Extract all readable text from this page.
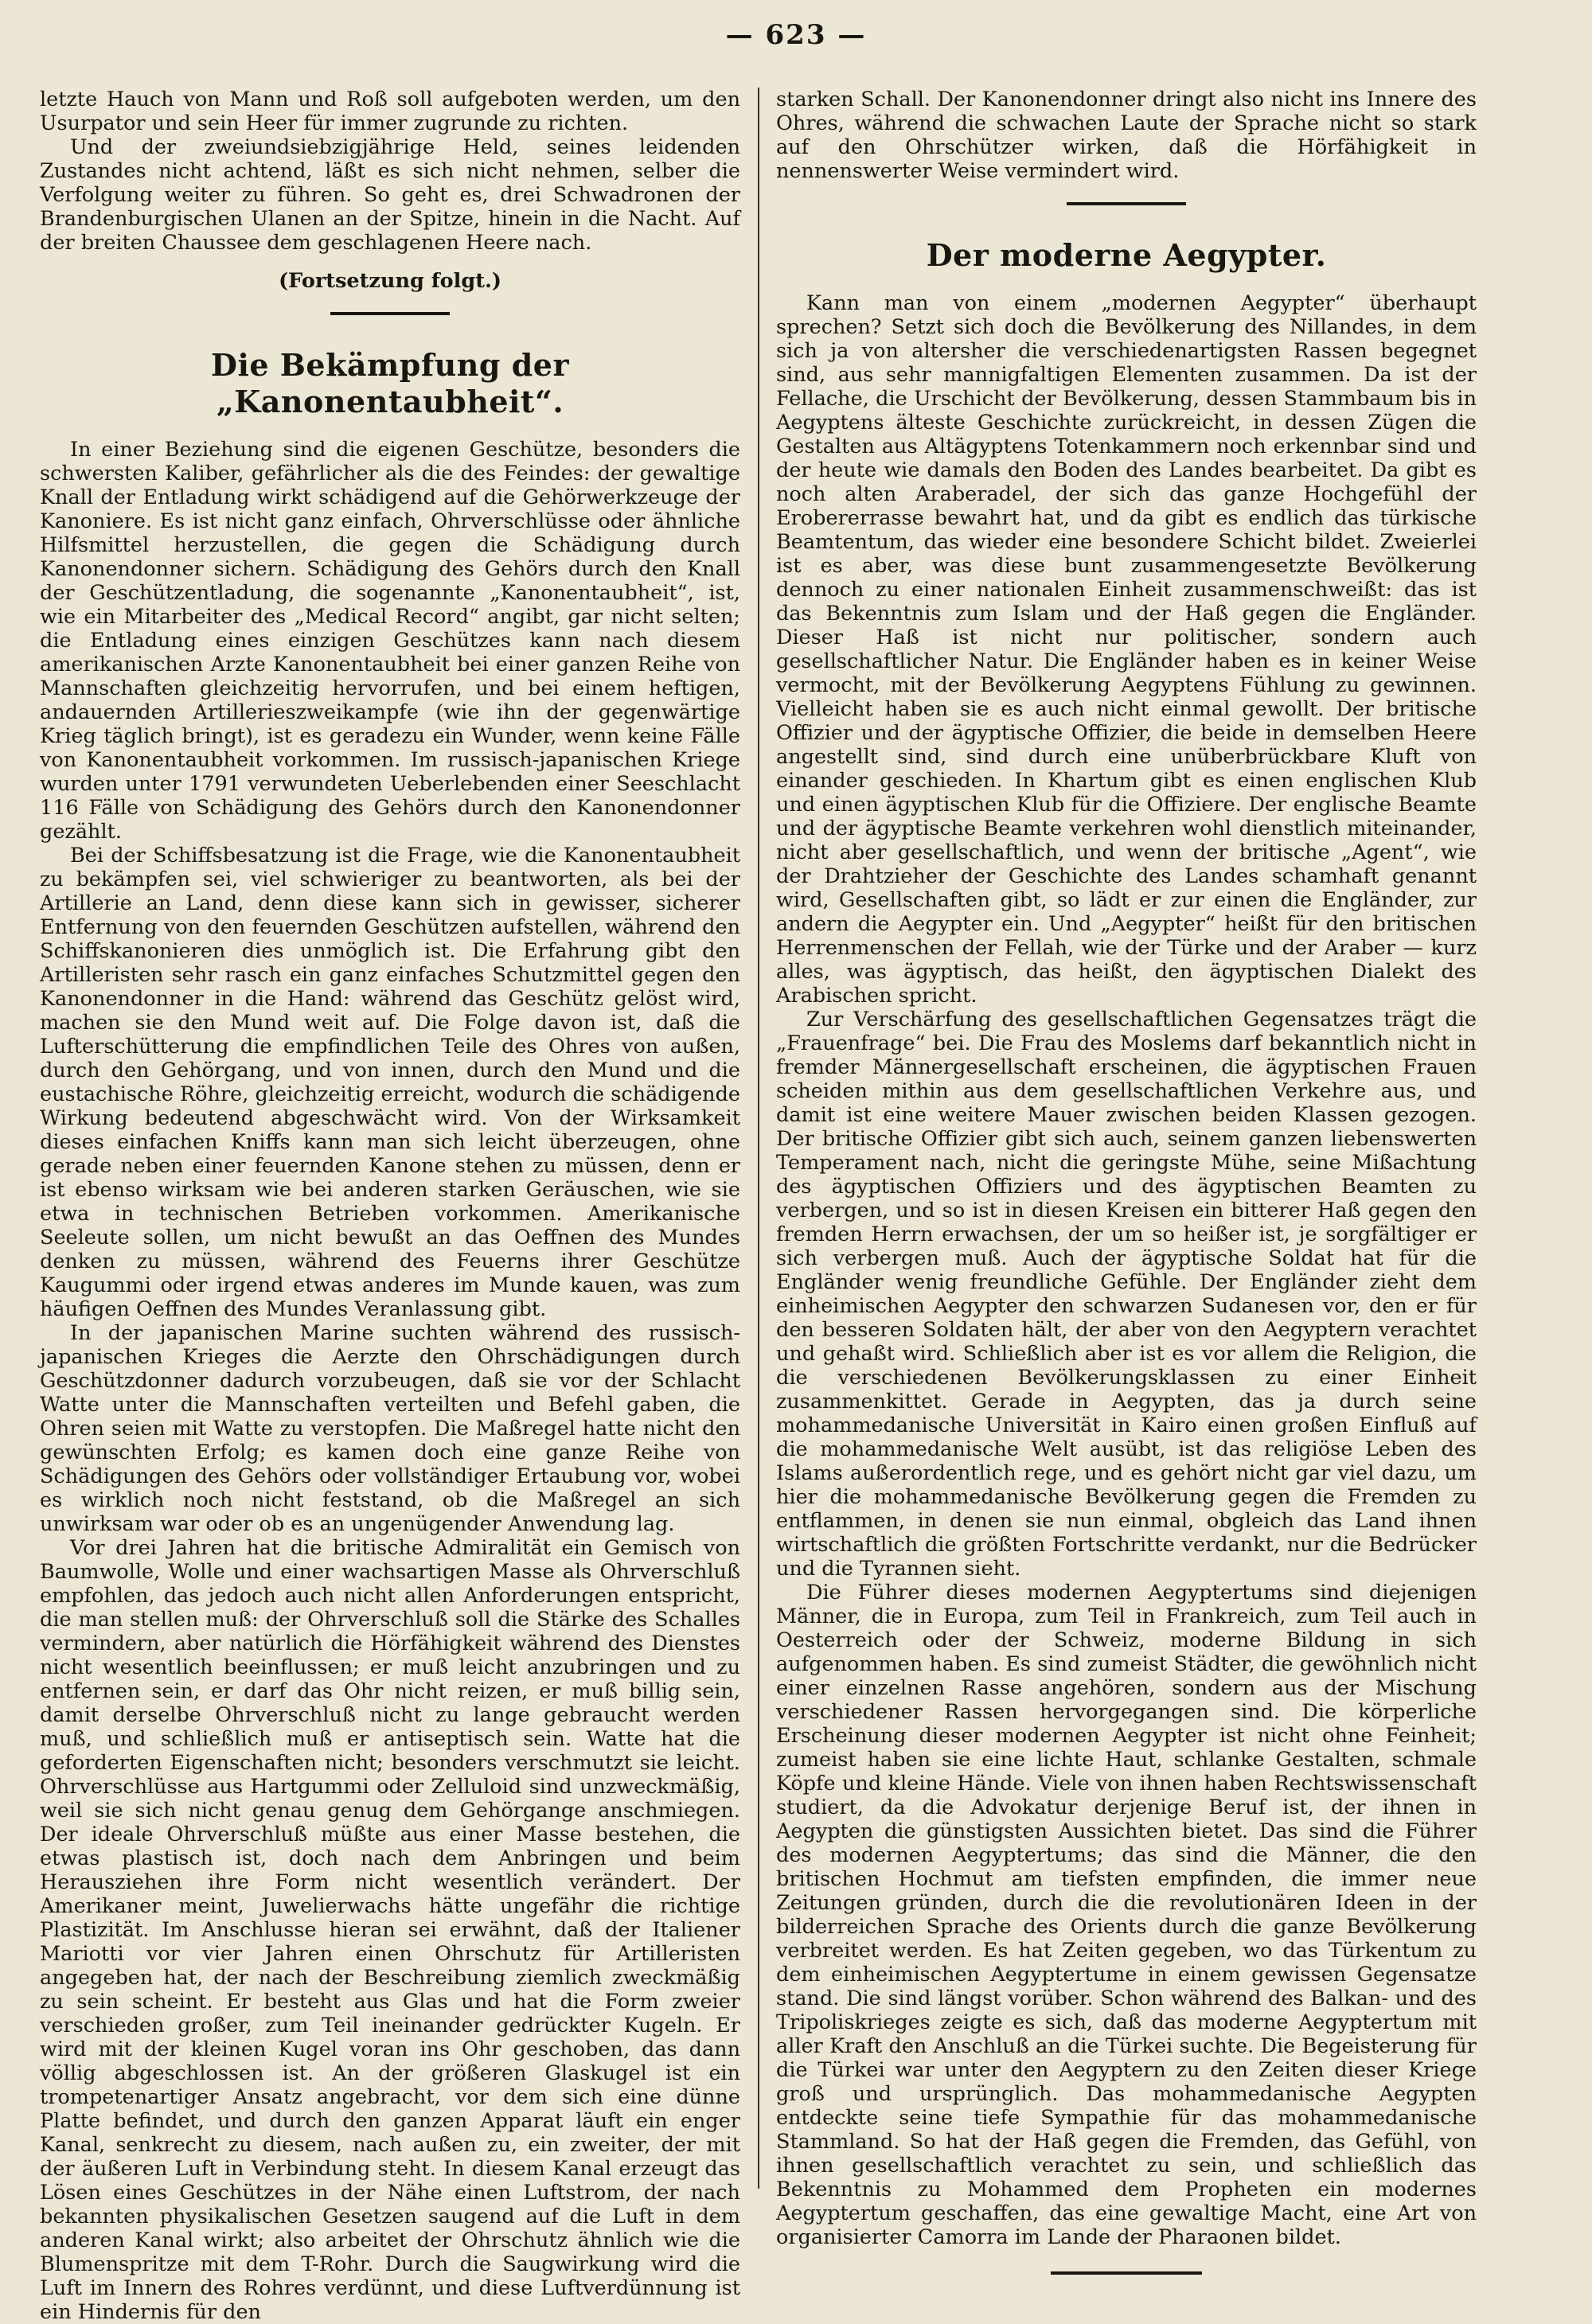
— 623 —

letzte Hauch von Mann und Roß soll aufgeboten werden, um den Usurpator und sein Heer für immer zugrunde zu richten.

Und der zweiundsiebzigjährige Held, seines leidenden Zustandes nicht achtend, läßt es sich nicht nehmen, selber die Verfolgung weiter zu führen. So geht es, drei Schwadronen der Brandenburgischen Ulanen an der Spitze, hinein in die Nacht. Auf der breiten Chaussee dem geschlagenen Heere nach.

(Fortsetzung folgt.)
Die Bekämpfung der „Kanonentaubheit“.

In einer Beziehung sind die eigenen Geschütze, besonders die schwersten Kaliber, gefährlicher als die des Feindes: der gewaltige Knall der Entladung wirkt schädigend auf die Gehörwerkzeuge der Kanoniere. Es ist nicht ganz einfach, Ohrverschlüsse oder ähnliche Hilfsmittel herzustellen, die gegen die Schädigung durch Kanonendonner sichern. Schädigung des Gehörs durch den Knall der Geschützentladung, die sogenannte „Kanonentaubheit“, ist, wie ein Mitarbeiter des „Medical Record“ angibt, gar nicht selten; die Entladung eines einzigen Geschützes kann nach diesem amerikanischen Arzte Kanonentaubheit bei einer ganzen Reihe von Mannschaften gleichzeitig hervorrufen, und bei einem heftigen, andauernden Artillerieszweikampfe (wie ihn der gegenwärtige Krieg täglich bringt), ist es geradezu ein Wunder, wenn keine Fälle von Kanonentaubheit vorkommen. Im russisch-japanischen Kriege wurden unter 1791 verwundeten Ueberlebenden einer Seeschlacht 116 Fälle von Schädigung des Gehörs durch den Kanonendonner gezählt.

Bei der Schiffsbesatzung ist die Frage, wie die Kanonentaubheit zu bekämpfen sei, viel schwieriger zu beantworten, als bei der Artillerie an Land, denn diese kann sich in gewisser, sicherer Entfernung von den feuernden Geschützen aufstellen, während den Schiffskanonieren dies unmöglich ist. Die Erfahrung gibt den Artilleristen sehr rasch ein ganz einfaches Schutzmittel gegen den Kanonendonner in die Hand: während das Geschütz gelöst wird, machen sie den Mund weit auf. Die Folge davon ist, daß die Lufterschütterung die empfindlichen Teile des Ohres von außen, durch den Gehörgang, und von innen, durch den Mund und die eustachische Röhre, gleichzeitig erreicht, wodurch die schädigende Wirkung bedeutend abgeschwächt wird. Von der Wirksamkeit dieses einfachen Kniffs kann man sich leicht überzeugen, ohne gerade neben einer feuernden Kanone stehen zu müssen, denn er ist ebenso wirksam wie bei anderen starken Geräuschen, wie sie etwa in technischen Betrieben vorkommen. Amerikanische Seeleute sollen, um nicht bewußt an das Oeffnen des Mundes denken zu müssen, während des Feuerns ihrer Geschütze Kaugummi oder irgend etwas anderes im Munde kauen, was zum häufigen Oeffnen des Mundes Veranlassung gibt.

In der japanischen Marine suchten während des russisch-japanischen Krieges die Aerzte den Ohrschädigungen durch Geschützdonner dadurch vorzubeugen, daß sie vor der Schlacht Watte unter die Mannschaften verteilten und Befehl gaben, die Ohren seien mit Watte zu verstopfen. Die Maßregel hatte nicht den gewünschten Erfolg; es kamen doch eine ganze Reihe von Schädigungen des Gehörs oder vollständiger Ertaubung vor, wobei es wirklich noch nicht feststand, ob die Maßregel an sich unwirksam war oder ob es an ungenügender Anwendung lag.

Vor drei Jahren hat die britische Admiralität ein Gemisch von Baumwolle, Wolle und einer wachsartigen Masse als Ohrverschluß empfohlen, das jedoch auch nicht allen Anforderungen entspricht, die man stellen muß: der Ohrverschluß soll die Stärke des Schalles vermindern, aber natürlich die Hörfähigkeit während des Dienstes nicht wesentlich beeinflussen; er muß leicht anzubringen und zu entfernen sein, er darf das Ohr nicht reizen, er muß billig sein, damit derselbe Ohrverschluß nicht zu lange gebraucht werden muß, und schließlich muß er antiseptisch sein. Watte hat die geforderten Eigenschaften nicht; besonders verschmutzt sie leicht. Ohrverschlüsse aus Hartgummi oder Zelluloid sind unzweckmäßig, weil sie sich nicht genau genug dem Gehörgange anschmiegen. Der ideale Ohrverschluß müßte aus einer Masse bestehen, die etwas plastisch ist, doch nach dem Anbringen und beim Herausziehen ihre Form nicht wesentlich verändert. Der Amerikaner meint, Juwelierwachs hätte ungefähr die richtige Plastizität. Im Anschlusse hieran sei erwähnt, daß der Italiener Mariotti vor vier Jahren einen Ohrschutz für Artilleristen angegeben hat, der nach der Beschreibung ziemlich zweckmäßig zu sein scheint. Er besteht aus Glas und hat die Form zweier verschieden großer, zum Teil ineinander gedrückter Kugeln. Er wird mit der kleinen Kugel voran ins Ohr geschoben, das dann völlig abgeschlossen ist. An der größeren Glaskugel ist ein trompetenartiger Ansatz angebracht, vor dem sich eine dünne Platte befindet, und durch den ganzen Apparat läuft ein enger Kanal, senkrecht zu diesem, nach außen zu, ein zweiter, der mit der äußeren Luft in Verbindung steht. In diesem Kanal erzeugt das Lösen eines Geschützes in der Nähe einen Luftstrom, der nach bekannten physikalischen Gesetzen saugend auf die Luft in dem anderen Kanal wirkt; also arbeitet der Ohrschutz ähnlich wie die Blumenspritze mit dem T-Rohr. Durch die Saugwirkung wird die Luft im Innern des Rohres verdünnt, und diese Luftverdünnung ist ein Hindernis für den

starken Schall. Der Kanonendonner dringt also nicht ins Innere des Ohres, während die schwachen Laute der Sprache nicht so stark auf den Ohrschützer wirken, daß die Hörfähigkeit in nennenswerter Weise vermindert wird.

Der moderne Aegypter.

Kann man von einem „modernen Aegypter“ überhaupt sprechen? Setzt sich doch die Bevölkerung des Nillandes, in dem sich ja von altersher die verschiedenartigsten Rassen begegnet sind, aus sehr mannigfaltigen Elementen zusammen. Da ist der Fellache, die Urschicht der Bevölkerung, dessen Stammbaum bis in Aegyptens älteste Geschichte zurückreicht, in dessen Zügen die Gestalten aus Altägyptens Totenkammern noch erkennbar sind und der heute wie damals den Boden des Landes bearbeitet. Da gibt es noch alten Araberadel, der sich das ganze Hochgefühl der Erobererrasse bewahrt hat, und da gibt es endlich das türkische Beamtentum, das wieder eine besondere Schicht bildet. Zweierlei ist es aber, was diese bunt zusammengesetzte Bevölkerung dennoch zu einer nationalen Einheit zusammenschweißt: das ist das Bekenntnis zum Islam und der Haß gegen die Engländer. Dieser Haß ist nicht nur politischer, sondern auch gesellschaftlicher Natur. Die Engländer haben es in keiner Weise vermocht, mit der Bevölkerung Aegyptens Fühlung zu gewinnen. Vielleicht haben sie es auch nicht einmal gewollt. Der britische Offizier und der ägyptische Offizier, die beide in demselben Heere angestellt sind, sind durch eine unüberbrückbare Kluft von einander geschieden. In Khartum gibt es einen englischen Klub und einen ägyptischen Klub für die Offiziere. Der englische Beamte und der ägyptische Beamte verkehren wohl dienstlich miteinander, nicht aber gesellschaftlich, und wenn der britische „Agent“, wie der Drahtzieher der Geschichte des Landes schamhaft genannt wird, Gesellschaften gibt, so lädt er zur einen die Engländer, zur andern die Aegypter ein. Und „Aegypter“ heißt für den britischen Herrenmenschen der Fellah, wie der Türke und der Araber — kurz alles, was ägyptisch, das heißt, den ägyptischen Dialekt des Arabischen spricht.

Zur Verschärfung des gesellschaftlichen Gegensatzes trägt die „Frauenfrage“ bei. Die Frau des Moslems darf bekanntlich nicht in fremder Männergesellschaft erscheinen, die ägyptischen Frauen scheiden mithin aus dem gesellschaftlichen Verkehre aus, und damit ist eine weitere Mauer zwischen beiden Klassen gezogen. Der britische Offizier gibt sich auch, seinem ganzen liebenswerten Temperament nach, nicht die geringste Mühe, seine Mißachtung des ägyptischen Offiziers und des ägyptischen Beamten zu verbergen, und so ist in diesen Kreisen ein bitterer Haß gegen den fremden Herrn erwachsen, der um so heißer ist, je sorgfältiger er sich verbergen muß. Auch der ägyptische Soldat hat für die Engländer wenig freundliche Gefühle. Der Engländer zieht dem einheimischen Aegypter den schwarzen Sudanesen vor, den er für den besseren Soldaten hält, der aber von den Aegyptern verachtet und gehaßt wird. Schließlich aber ist es vor allem die Religion, die die verschiedenen Bevölkerungsklassen zu einer Einheit zusammenkittet. Gerade in Aegypten, das ja durch seine mohammedanische Universität in Kairo einen großen Einfluß auf die mohammedanische Welt ausübt, ist das religiöse Leben des Islams außerordentlich rege, und es gehört nicht gar viel dazu, um hier die mohammedanische Bevölkerung gegen die Fremden zu entflammen, in denen sie nun einmal, obgleich das Land ihnen wirtschaftlich die größten Fortschritte verdankt, nur die Bedrücker und die Tyrannen sieht.

Die Führer dieses modernen Aegyptertums sind diejenigen Männer, die in Europa, zum Teil in Frankreich, zum Teil auch in Oesterreich oder der Schweiz, moderne Bildung in sich aufgenommen haben. Es sind zumeist Städter, die gewöhnlich nicht einer einzelnen Rasse angehören, sondern aus der Mischung verschiedener Rassen hervorgegangen sind. Die körperliche Erscheinung dieser modernen Aegypter ist nicht ohne Feinheit; zumeist haben sie eine lichte Haut, schlanke Gestalten, schmale Köpfe und kleine Hände. Viele von ihnen haben Rechtswissenschaft studiert, da die Advokatur derjenige Beruf ist, der ihnen in Aegypten die günstigsten Aussichten bietet. Das sind die Führer des modernen Aegyptertums; das sind die Männer, die den britischen Hochmut am tiefsten empfinden, die immer neue Zeitungen gründen, durch die die revolutionären Ideen in der bilderreichen Sprache des Orients durch die ganze Bevölkerung verbreitet werden. Es hat Zeiten gegeben, wo das Türkentum zu dem einheimischen Aegyptertume in einem gewissen Gegensatze stand. Die sind längst vorüber. Schon während des Balkan- und des Tripoliskrieges zeigte es sich, daß das moderne Aegyptertum mit aller Kraft den Anschluß an die Türkei suchte. Die Begeisterung für die Türkei war unter den Aegyptern zu den Zeiten dieser Kriege groß und ursprünglich. Das mohammedanische Aegypten entdeckte seine tiefe Sympathie für das mohammedanische Stammland. So hat der Haß gegen die Fremden, das Gefühl, von ihnen gesellschaftlich verachtet zu sein, und schließlich das Bekenntnis zu Mohammed dem Propheten ein modernes Aegyptertum geschaffen, das eine gewaltige Macht, eine Art von organisierter Camorra im Lande der Pharaonen bildet.
